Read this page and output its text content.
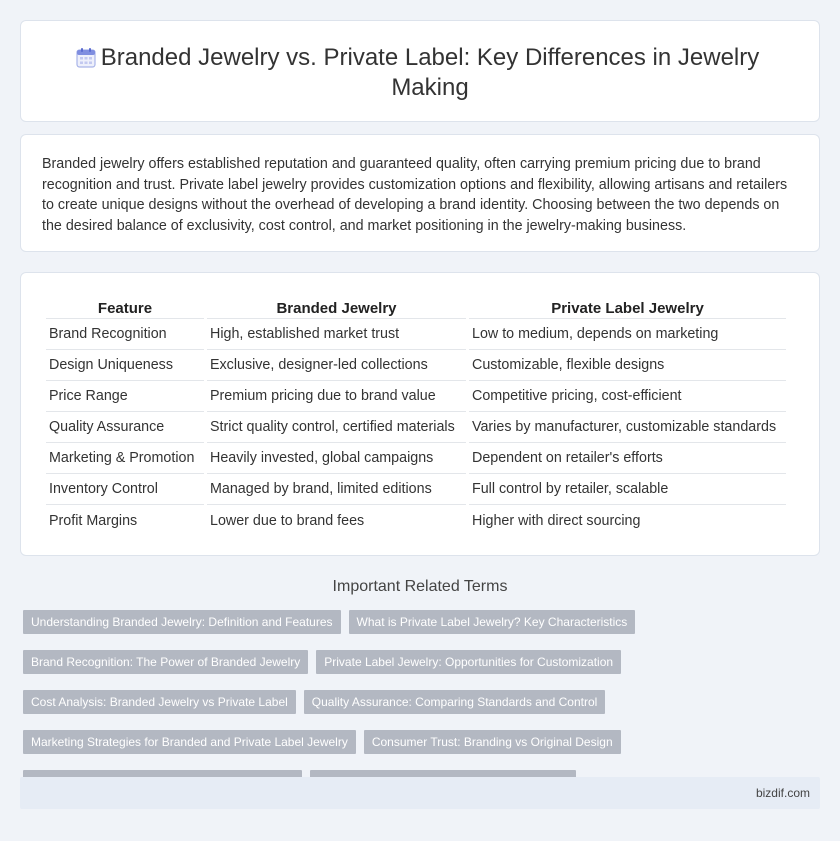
Branded Jewelry vs. Private Label: Key Differences in Jewelry Making

Branded jewelry offers established reputation and guaranteed quality, often carrying premium pricing due to brand recognition and trust. Private label jewelry provides customization options and flexibility, allowing artisans and retailers to create unique designs without the overhead of developing a brand identity. Choosing between the two depends on the desired balance of exclusivity, cost control, and market positioning in the jewelry-making business.

Feature	Branded Jewelry	Private Label Jewelry
Brand Recognition	High, established market trust	Low to medium, depends on marketing
Design Uniqueness	Exclusive, designer-led collections	Customizable, flexible designs
Price Range	Premium pricing due to brand value	Competitive pricing, cost-efficient
Quality Assurance	Strict quality control, certified materials	Varies by manufacturer, customizable standards
Marketing & Promotion	Heavily invested, global campaigns	Dependent on retailer's efforts
Inventory Control	Managed by brand, limited editions	Full control by retailer, scalable
Profit Margins	Lower due to brand fees	Higher with direct sourcing
Important Related Terms
Understanding Branded Jewelry: Definition and Features	What is Private Label Jewelry? Key Characteristics
Brand Recognition: The Power of Branded Jewelry	Private Label Jewelry: Opportunities for Customization
Cost Analysis: Branded Jewelry vs Private Label	Quality Assurance: Comparing Standards and Control
Marketing Strategies for Branded and Private Label Jewelry	Consumer Trust: Branding vs Original Design
bizdif.com
